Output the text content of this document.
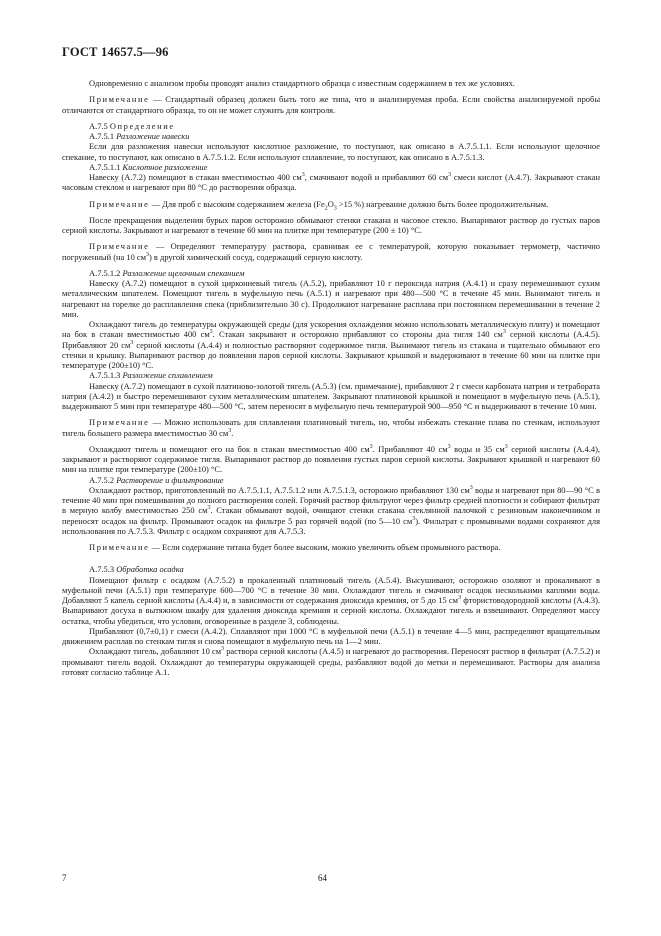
ГОСТ 14657.5—96

Одновременно с анализом пробы проводят анализ стандартного образца с известным содержанием в тех же условиях.

Примечание — Стандартный образец должен быть того же типа, что и анализируемая проба. Если свойства анализируемой пробы отличаются от стандартного образца, то он не может служить для контроля.

А.7.5 Определение

А.7.5.1 Разложение навески

Если для разложения навески используют кислотное разложение, то поступают, как описано в А.7.5.1.1. Если используют щелочное спекание, то поступают, как описано в А.7.5.1.2. Если используют сплавление, то поступают, как описано в А.7.5.1.3.

А.7.5.1.1 Кислотное разложение

Навеску (А.7.2) помещают в стакан вместимостью 400 $см^3$, смачивают водой и прибавляют 60 $см^3$ смеси кислот (А.4.7). Закрывают стакан часовым стеклом и нагревают при 80 °С до растворения образца.

Примечание — Для проб с высоким содержанием железа ($Fe_2O_3 >15$ %) нагревание должно быть более продолжительным.

После прекращения выделения бурых паров осторожно обмывают стенки стакана и часовое стекло. Выпаривают раствор до густых паров серной кислоты. Закрывают и нагревают в течение 60 мин на плитке при температуре (200 ± 10) °С.

Примечание — Определяют температуру раствора, сравнивая ее с температурой, которую показывает термометр, частично погруженный (на 10 $см^3$) в другой химический сосуд, содержащий серную кислоту.

А.7.5.1.2 Разложение щелочным спеканием

Навеску (А.7.2) помещают в сухой циркониевый тигель (А.5.2), прибавляют 10 г пероксида натрия (А.4.1) и сразу перемешивают сухим металлическим шпателем. Помещают тигель в муфельную печь (А.5.1) и нагревают при 480—500 °С в течение 45 мин. Вынимают тигель и нагревают на горелке до расплавления спека (приблизительно 30 с). Продолжают нагревание расплава при постоянном перемешивании в течение 2 мин.

Охлаждают тигель до температуры окружающей среды (для ускорения охлаждения можно использовать металлическую плиту) и помещают на бок в стакан вместимостью 400 $см^3$. Стакан закрывают и осторожно прибавляют со стороны дна тигля 140 $см^3$ серной кислоты (А.4.5). Прибавляют 20 $см^3$ серной кислоты (А.4.4) и полностью растворяют содержимое тигля. Вынимают тигель из стакана и тщательно обмывают его стенки и крышку. Выпаривают раствор до появления паров серной кислоты. Закрывают крышкой и выдерживают в течение 60 мин на плитке при температуре (200±10) °С.

А.7.5.1.3 Разложение сплавлением

Навеску (А.7.2) помещают в сухой платиново-золотой тигель (А.5.3) (см. примечание), прибавляют 2 г смеси карбоната натрия и тетрабората натрия (А.4.2) и быстро перемешивают сухим металлическим шпателем. Закрывают платиновой крышкой и помещают в муфельную печь (А.5.1), выдерживают 5 мин при температуре 480—500 °С, затем переносят в муфельную печь температурой 900—950 °С и выдерживают в течение 10 мин.

Примечание — Можно использовать для сплавления платиновый тигель, но, чтобы избежать стекание плава по стенкам, используют тигель большего размера вместимостью 30 $см^3$.

Охлаждают тигель и помещают его на бок в стакан вместимостью 400 $см^3$. Прибавляют 40 $см^3$ воды и 35 $см^3$ серной кислоты (А.4.4), закрывают и растворяют содержимое тигля. Выпаривают раствор до появления густых паров серной кислоты. Закрывают крышкой и нагревают 60 мин на плитке при температуре (200±10) °С.

А.7.5.2 Растворение и фильтрование

Охлаждают раствор, приготовленный по А.7.5.1.1, А.7.5.1.2 или А.7.5.1.3, осторожно прибавляют 130 $см^3$ воды и нагревают при 80—90 °С в течение 40 мин при помешивании до полного растворения солей. Горячий раствор фильтруют через фильтр средней плотности и собирают фильтрат в мерную колбу вместимостью 250 $см^3$. Стакан обмывают водой, очищают стенки стакана стеклянной палочкой с резиновым наконечником и переносят осадок на фильтр. Промывают осадок на фильтре 5 раз горячей водой (по 5—10 $см^3$). Фильтрат с промывными водами сохраняют для использования по А.7.5.3. Фильтр с осадком сохраняют для А.7.5.3.

Примечание — Если содержание титана будет более высоким, можно увеличить объем промывного раствора.

А.7.5.3 Обработка осадка

Помещают фильтр с осадком (А.7.5.2) в прокаленный платиновый тигель (А.5.4). Высушивают, осторожно озоляют и прокаливают в муфельной печи (А.5.1) при температуре 600—700 °С в течение 30 мин. Охлаждают тигель и смачивают осадок несколькими каплями воды. Добавляют 5 капель серной кислоты (А.4.4) и, в зависимости от содержания диоксида кремния, от 5 до 15 $см^3$ фтористоводородной кислоты (А.4.3). Выпаривают досуха в вытяжном шкафу для удаления диоксида кремния и серной кислоты. Охлаждают тигель и взвешивают. Определяют массу остатка, чтобы убедиться, что условия, оговоренные в разделе 3, соблюдены.

Прибавляют (0,7±0,1) г смеси (А.4.2). Сплавляют при 1000 °С в муфельной печи (А.5.1) в течение 4—5 мин, распределяют вращательным движением расплав по стенкам тигля и снова помещают в муфельную печь на 1—2 мин.

Охлаждают тигель, добавляют 10 $см^3$ раствора серной кислоты (А.4.5) и нагревают до растворения. Переносят раствор в фильтрат (А.7.5.2) и промывают тигель водой. Охлаждают до температуры окружающей среды, разбавляют водой до метки и перемешивают. Растворы для анализа готовят согласно таблице А.1.

7	64
